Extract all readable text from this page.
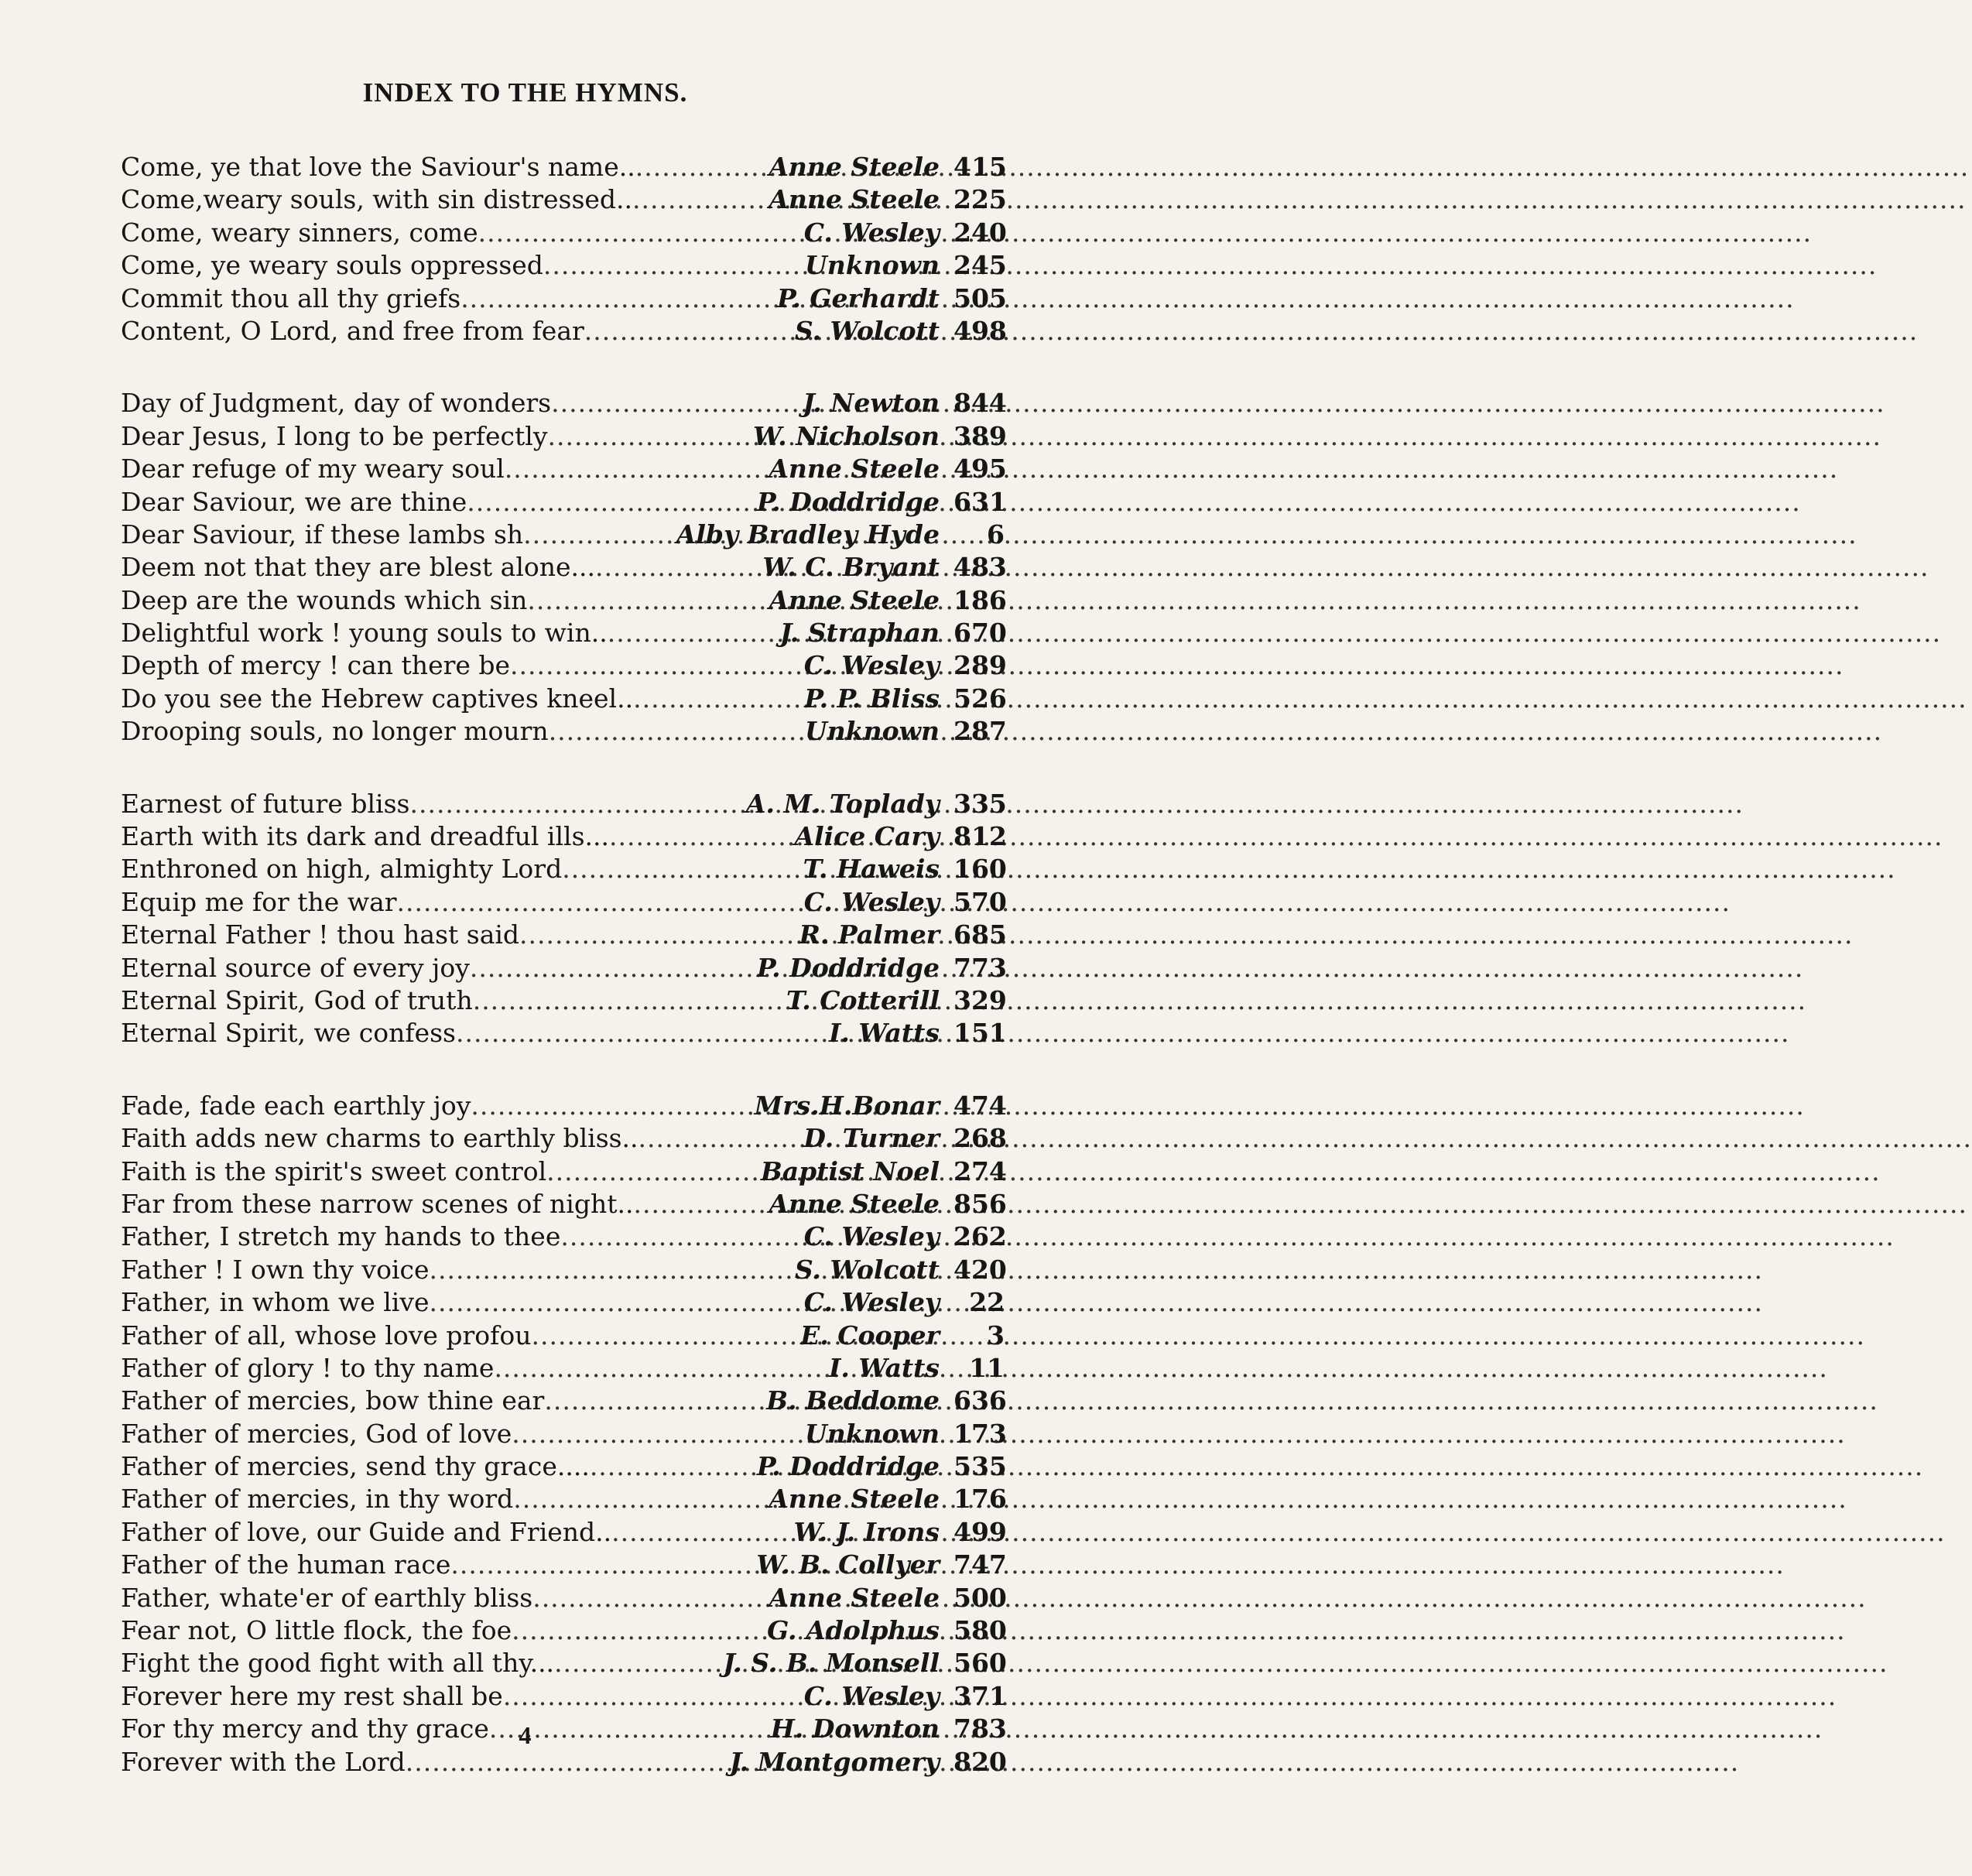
INDEX TO THE HYMNS.
Come, ye that love the Saviour's name.. .....	Anne Steele 415
Come,weary souls, with sin distressed.. .....	Anne Steele 225
Come, weary sinners, come .....	C. Wesley 240
Come, ye weary souls oppressed .....	Unknown 245
Commit thou all thy griefs .....	P. Gerhardt 505
Content, O Lord, and free from fear .....	S. Wolcott 498
Day of Judgment, day of wonders .....	J. Newton 844
Dear Jesus, I long to be perfectly .....	W. Nicholson 389
Dear refuge of my weary soul .....	Anne Steele 495
Dear Saviour, we are thine .....	P. Doddridge 631
Dear Saviour, if these lambs sh .....	Alby Bradley Hyde	6
Deem not that they are blest alone... .....	W. C. Bryant 483
Deep are the wounds which sin .....	Anne Steele 186
Delightful work ! young souls to win.. .....	J. Straphan 670
Depth of mercy ! can there be .....	C. Wesley 289
Do you see the Hebrew captives kneel.. .....	P. P. Bliss 526
Drooping souls, no longer mourn .....	Unknown 287
Earnest of future bliss .....	A. M. Toplady 335
Earth with its dark and dreadful ills... .....	Alice Cary 812
Enthroned on high, almighty Lord .....	T. Haweis 160
Equip me for the war .....	C. Wesley 570
Eternal Father ! thou hast said .....	R. Palmer 685
Eternal source of every joy .....	P. Doddridge 773
Eternal Spirit, God of truth .....	T. Cotterill 329
Eternal Spirit, we confess .....	I. Watts 151
Fade, fade each earthly joy .....	Mrs.H.Bonar 474
Faith adds new charms to earthly bliss.. .....	D. Turner 268
Faith is the spirit's sweet control .....	Baptist Noel 274
Far from these narrow scenes of night.. .....	Anne Steele 856
Father, I stretch my hands to thee .....	C. Wesley 262
Father ! I own thy voice .....	S. Wolcott 420
Father, in whom we live .....	C. Wesley	22
Father of all, whose love profou .....	E. Cooper	3
Father of glory ! to thy name .....	I. Watts	11
Father of mercies, bow thine ear .....	B. Beddome 636
Father of mercies, God of love .....	Unknown 173
Father of mercies, send thy grace.... .....	P. Doddridge 535
Father of mercies, in thy word .....	Anne Steele 176
Father of love, our Guide and Friend.. .....	W. J. Irons 499
Father of the human race .....	W. B. Collyer 747
Father, whate'er of earthly bliss .....	Anne Steele 500
Fear not, O little flock, the foe .....	G. Adolphus 580
Fight the good fight with all thy... .....	J. S. B. Monsell 560
Forever here my rest shall be .....	C. Wesley 371
For thy mercy and thy grace .....	H. Downton 783
Forever with the Lord .....	J. Montgomery 820
4
